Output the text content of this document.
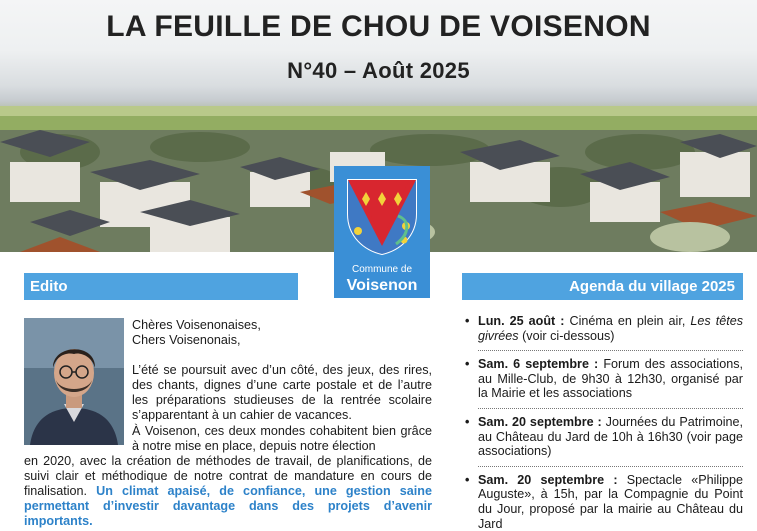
LA FEUILLE DE CHOU DE VOISENON
N°40 – Août 2025
Commune de
Voisenon
Edito	Agenda du village 2025

Chères Voisenonaises,

Chers Voisenonais,

L’été se poursuit avec d’un côté, des jeux, des rires, des chants, dignes d’une carte postale et de l’autre les préparations studieuses de la rentrée scolaire s’apparentant à un cahier de vacances.

À Voisenon, ces deux mondes cohabitent bien grâce à notre mise en place, depuis notre élection

en 2020, avec la création de méthodes de travail, de planifications, de suivi clair et méthodique de notre contrat de mandature en cours de finalisation. Un climat apaisé, de confiance, une gestion saine permettant d’investir davantage dans des projets d’avenir importants.

• Lun. 25 août : Cinéma en plein air, Les têtes givrées (voir ci-dessous)
• Sam. 6 septembre : Forum des associations, au Mille-Club, de 9h30 à 12h30, organisé par la Mairie et les associations
• Sam. 20 septembre : Journées du Patrimoine, au Château du Jard de 10h à 16h30 (voir page associations)
• Sam. 20 septembre : Spectacle «Philippe Auguste», à 15h, par la Compagnie du Point du Jour, proposé par la mairie au Château du Jard
